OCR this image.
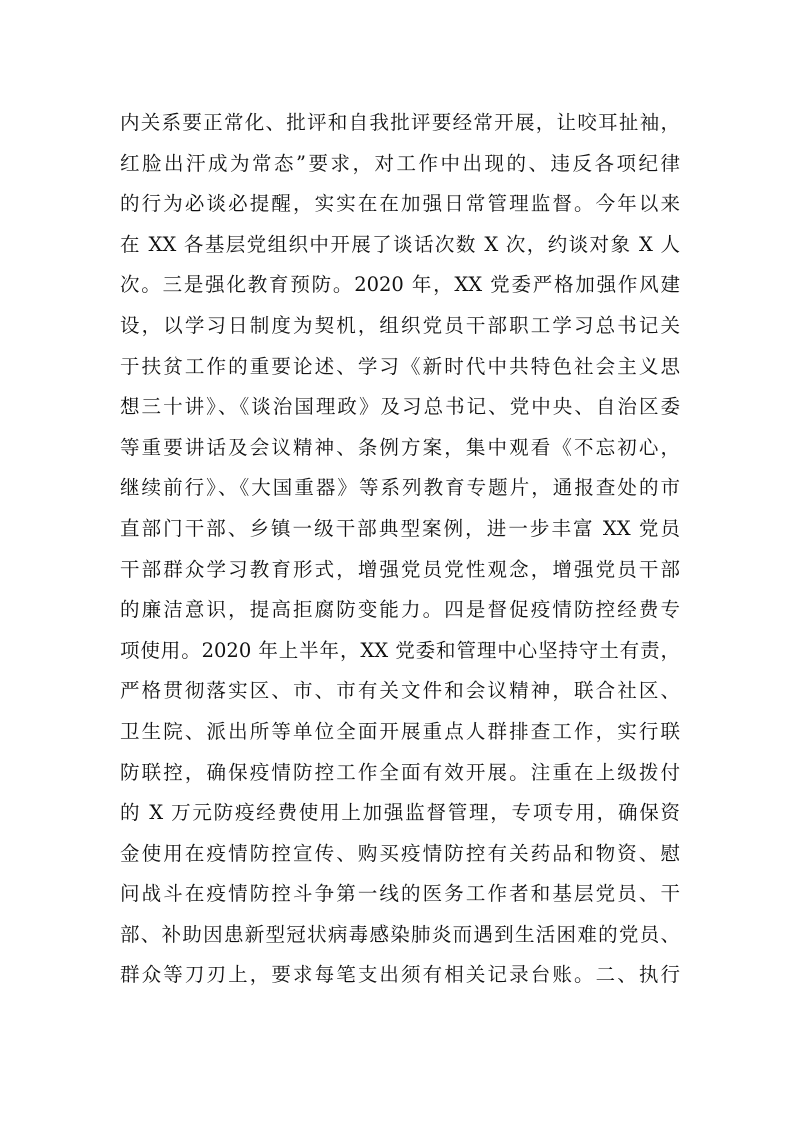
内关系要正常化、批评和自我批评要经常开展，让咬耳扯袖，
红脸出汗成为常态”要求，对工作中出现的、违反各项纪律
的行为必谈必提醒，实实在在加强日常管理监督。今年以来
在 XX 各基层党组织中开展了谈话次数 X 次，约谈对象 X 人
次。三是强化教育预防。2020 年，XX 党委严格加强作风建
设，以学习日制度为契机，组织党员干部职工学习总书记关
于扶贫工作的重要论述、学习《新时代中共特色社会主义思
想三十讲》、《谈治国理政》及习总书记、党中央、自治区委
等重要讲话及会议精神、条例方案，集中观看《不忘初心，
继续前行》、《大国重器》等系列教育专题片，通报查处的市
直部门干部、乡镇一级干部典型案例，进一步丰富 XX 党员
干部群众学习教育形式，增强党员党性观念，增强党员干部
的廉洁意识，提高拒腐防变能力。四是督促疫情防控经费专
项使用。2020 年上半年，XX 党委和管理中心坚持守土有责，
严格贯彻落实区、市、市有关文件和会议精神，联合社区、
卫生院、派出所等单位全面开展重点人群排查工作，实行联
防联控，确保疫情防控工作全面有效开展。注重在上级拨付
的 X 万元防疫经费使用上加强监督管理，专项专用，确保资
金使用在疫情防控宣传、购买疫情防控有关药品和物资、慰
问战斗在疫情防控斗争第一线的医务工作者和基层党员、干
部、补助因患新型冠状病毒感染肺炎而遇到生活困难的党员、
群众等刀刃上，要求每笔支出须有相关记录台账。二、执行
